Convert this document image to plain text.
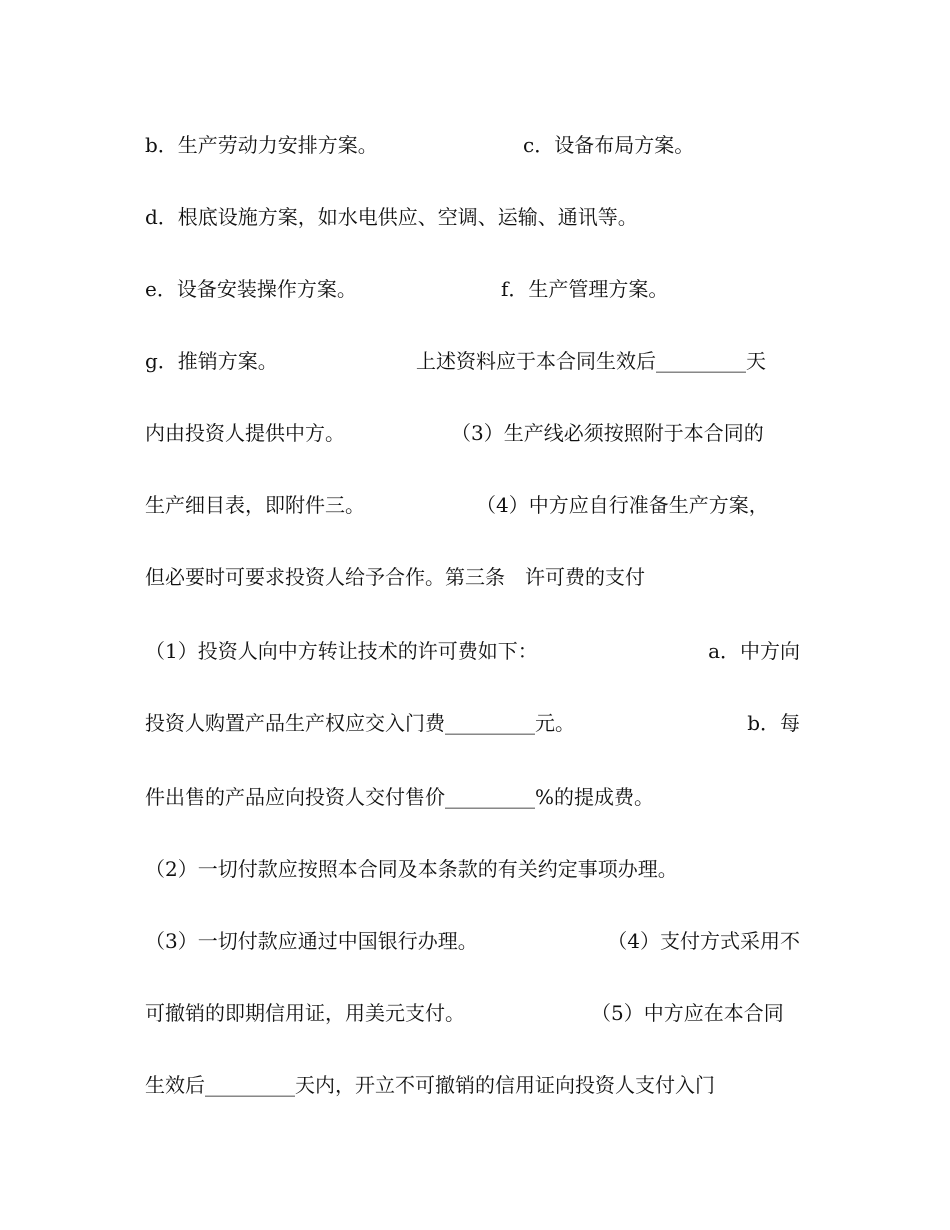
b．生产劳动力安排方案。

	c．设备布局方案。

d．根底设施方案，如水电供应、空调、运输、通讯等。

e．设备安装操作方案。

	f．生产管理方案。

g．推销方案。

	上述资料应于本合同生效后_________天

内由投资人提供中方。

	（3）生产线必须按照附于本合同的

生产细目表，即附件三。

	（4）中方应自行准备生产方案，

但必要时可要求投资人给予合作。第三条　许可费的支付

（1）投资人向中方转让技术的许可费如下：

	a．中方向

投资人购置产品生产权应交入门费_________元。

	b．每

件出售的产品应向投资人交付售价_________%的提成费。

（2）一切付款应按照本合同及本条款的有关约定事项办理。

（3）一切付款应通过中国银行办理。

	（4）支付方式采用不

可撤销的即期信用证，用美元支付。

	（5）中方应在本合同

生效后_________天内，开立不可撤销的信用证向投资人支付入门
